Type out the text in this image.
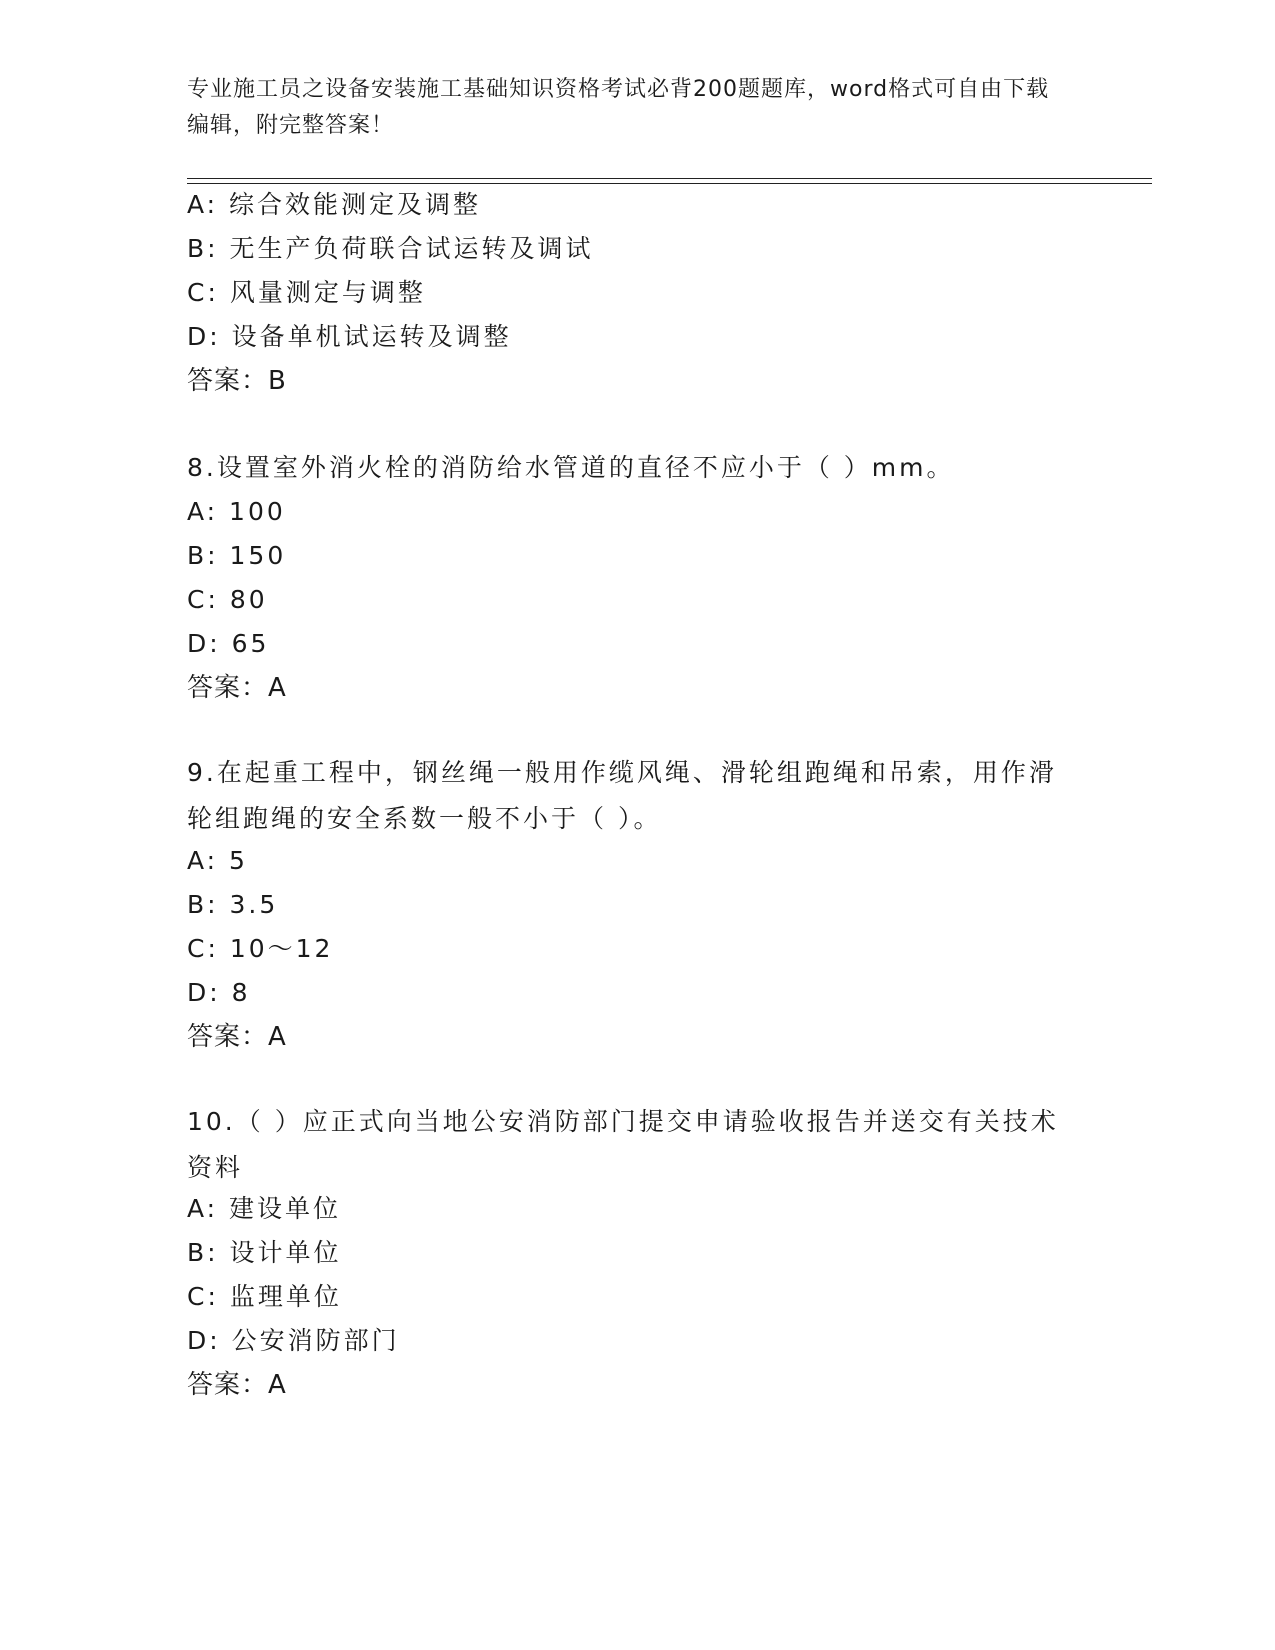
专业施工员之设备安装施工基础知识资格考试必背200题题库，word格式可自由下载编辑，附完整答案！
A: 综合效能测定及调整
B: 无生产负荷联合试运转及调试
C: 风量测定与调整
D: 设备单机试运转及调整
答案：B
8.设置室外消火栓的消防给水管道的直径不应小于（ ）mm。
A: 100
B: 150
C: 80
D: 65
答案：A
9.在起重工程中，钢丝绳一般用作缆风绳、滑轮组跑绳和吊索，用作滑轮组跑绳的安全系数一般不小于（ ）。
A: 5
B: 3.5
C: 10～12
D: 8
答案：A
10.（ ）应正式向当地公安消防部门提交申请验收报告并送交有关技术资料
A: 建设单位
B: 设计单位
C: 监理单位
D: 公安消防部门
答案：A
